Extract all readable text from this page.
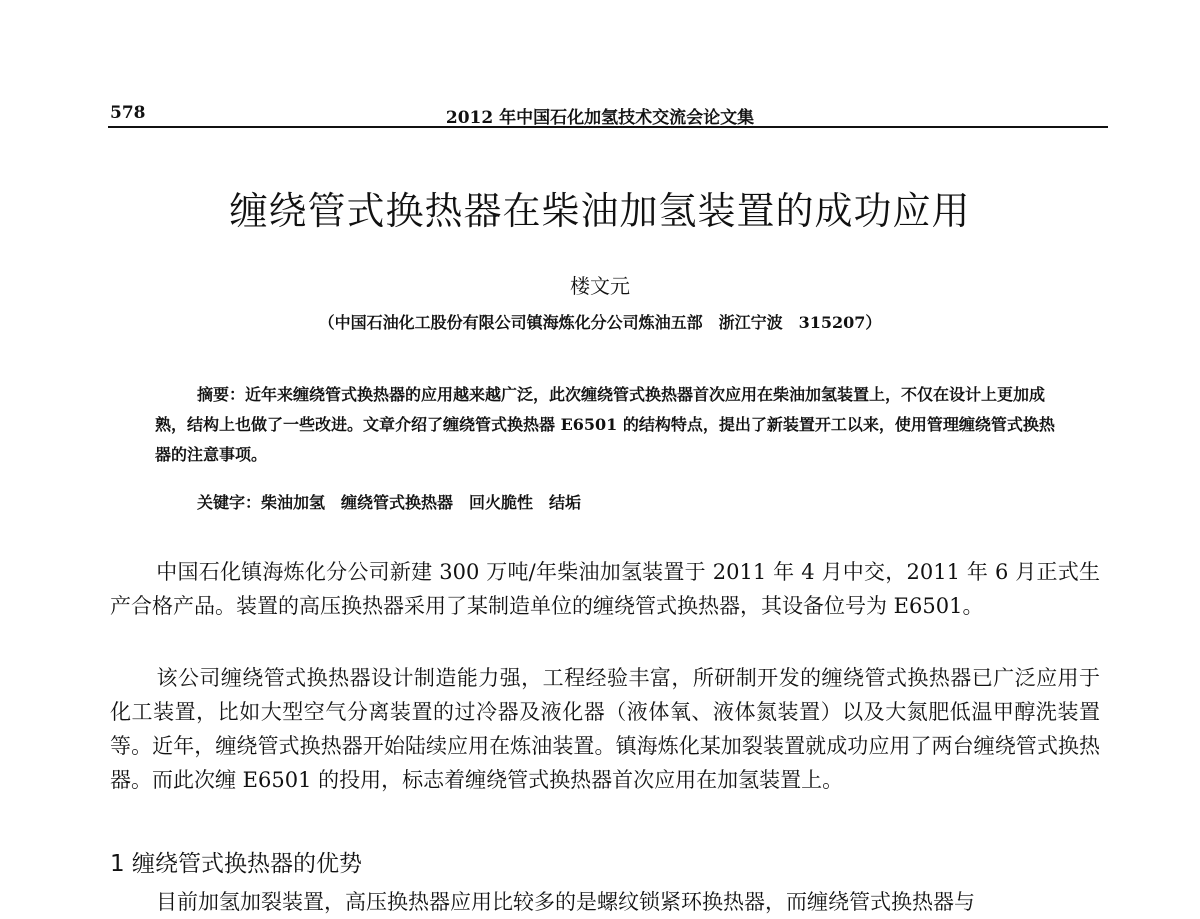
578	2012 年中国石化加氢技术交流会论文集
缠绕管式换热器在柴油加氢装置的成功应用
楼文元
（中国石油化工股份有限公司镇海炼化分公司炼油五部　浙江宁波　315207）

摘要：近年来缠绕管式换热器的应用越来越广泛，此次缠绕管式换热器首次应用在柴油加氢装置上，不仅在设计上更加成熟，结构上也做了一些改进。文章介绍了缠绕管式换热器 E6501 的结构特点，提出了新装置开工以来，使用管理缠绕管式换热器的注意事项。

关键字：柴油加氢　缠绕管式换热器　回火脆性　结垢

中国石化镇海炼化分公司新建 300 万吨/年柴油加氢装置于 2011 年 4 月中交，2011 年 6 月正式生产合格产品。装置的高压换热器采用了某制造单位的缠绕管式换热器，其设备位号为 E6501。

该公司缠绕管式换热器设计制造能力强，工程经验丰富，所研制开发的缠绕管式换热器已广泛应用于化工装置，比如大型空气分离装置的过冷器及液化器（液体氧、液体氮装置）以及大氮肥低温甲醇洗装置等。近年，缠绕管式换热器开始陆续应用在炼油装置。镇海炼化某加裂装置就成功应用了两台缠绕管式换热器。而此次缠 E6501 的投用，标志着缠绕管式换热器首次应用在加氢装置上。

1 缠绕管式换热器的优势

目前加氢加裂装置，高压换热器应用比较多的是螺纹锁紧环换热器，而缠绕管式换热器与
